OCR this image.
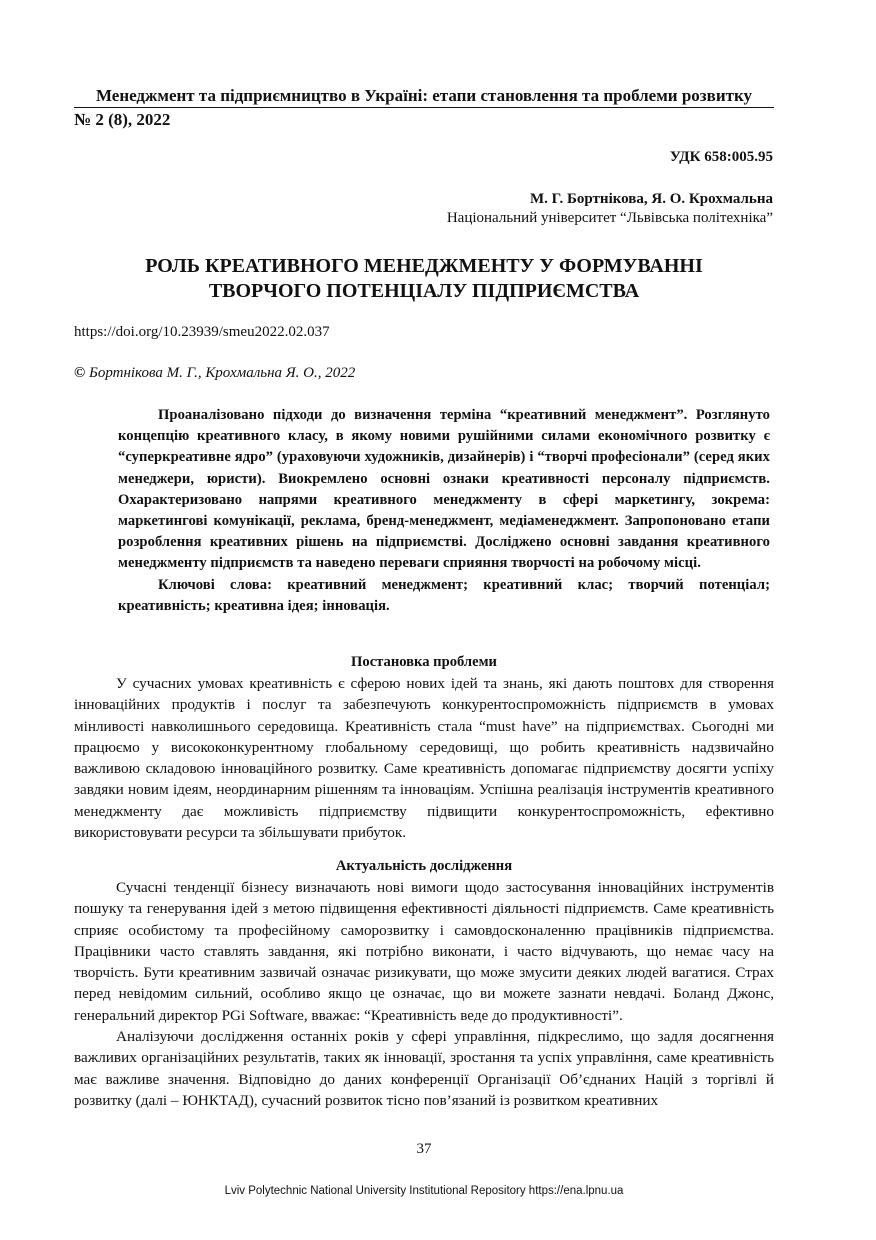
Менеджмент та підприємництво в Україні: етапи становлення та проблеми розвитку
№ 2 (8), 2022
УДК 658:005.95
М. Г. Бортнікова, Я. О. Крохмальна
Національний університет “Львівська політехніка”
РОЛЬ КРЕАТИВНОГО МЕНЕДЖМЕНТУ У ФОРМУВАННІ
ТВОРЧОГО ПОТЕНЦІАЛУ ПІДПРИЄМСТВА
https://doi.org/10.23939/smeu2022.02.037
© Бортнікова М. Г., Крохмальна Я. О., 2022

Проаналізовано підходи до визначення терміна “креативний менеджмент”. Розглянуто концепцію креативного класу, в якому новими рушійними силами економічного розвитку є “суперкреативне ядро” (ураховуючи художників, дизайнерів) і “творчі професіонали” (серед яких менеджери, юристи). Виокремлено основні ознаки креативності персоналу підприємств. Охарактеризовано напрями креативного менеджменту в сфері маркетингу, зокрема: маркетингові комунікації, реклама, бренд-менеджмент, медіаменеджмент. Запропоновано етапи розроблення креативних рішень на підприємстві. Досліджено основні завдання креативного менеджменту підприємств та наведено переваги сприяння творчості на робочому місці.

Ключові слова: креативний менеджмент; креативний клас; творчий потенціал; креативність; креативна ідея; інновація.

Постановка проблеми

У сучасних умовах креативність є сферою нових ідей та знань, які дають поштовх для створення інноваційних продуктів і послуг та забезпечують конкурентоспроможність підприємств в умовах мінливості навколишнього середовища. Креативність стала “must have” на підприємствах. Сьогодні ми працюємо у висококонкурентному глобальному середовищі, що робить креативність надзвичайно важливою складовою інноваційного розвитку. Саме креативність допомагає підприємству досягти успіху завдяки новим ідеям, неординарним рішенням та інноваціям. Успішна реалізація інструментів креативного менеджменту дає можливість підприємству підвищити конкурентоспроможність, ефективно використовувати ресурси та збільшувати прибуток.

Актуальність дослідження

Сучасні тенденції бізнесу визначають нові вимоги щодо застосування інноваційних інструментів пошуку та генерування ідей з метою підвищення ефективності діяльності підприємств. Саме креативність сприяє особистому та професійному саморозвитку і самовдосконаленню працівників підприємства. Працівники часто ставлять завдання, які потрібно виконати, і часто відчувають, що немає часу на творчість. Бути креативним зазвичай означає ризикувати, що може змусити деяких людей вагатися. Страх перед невідомим сильний, особливо якщо це означає, що ви можете зазнати невдачі. Боланд Джонс, генеральний директор PGi Software, вважає: “Креативність веде до продуктивності”.

Аналізуючи дослідження останніх років у сфері управління, підкреслимо, що задля досягнення важливих організаційних результатів, таких як інновації, зростання та успіх управління, саме креативність має важливе значення. Відповідно до даних конференції Організації Об’єднаних Націй з торгівлі й розвитку (далі – ЮНКТАД), сучасний розвиток тісно пов’язаний із розвитком креативних

37
Lviv Polytechnic National University Institutional Repository https://ena.lpnu.ua
